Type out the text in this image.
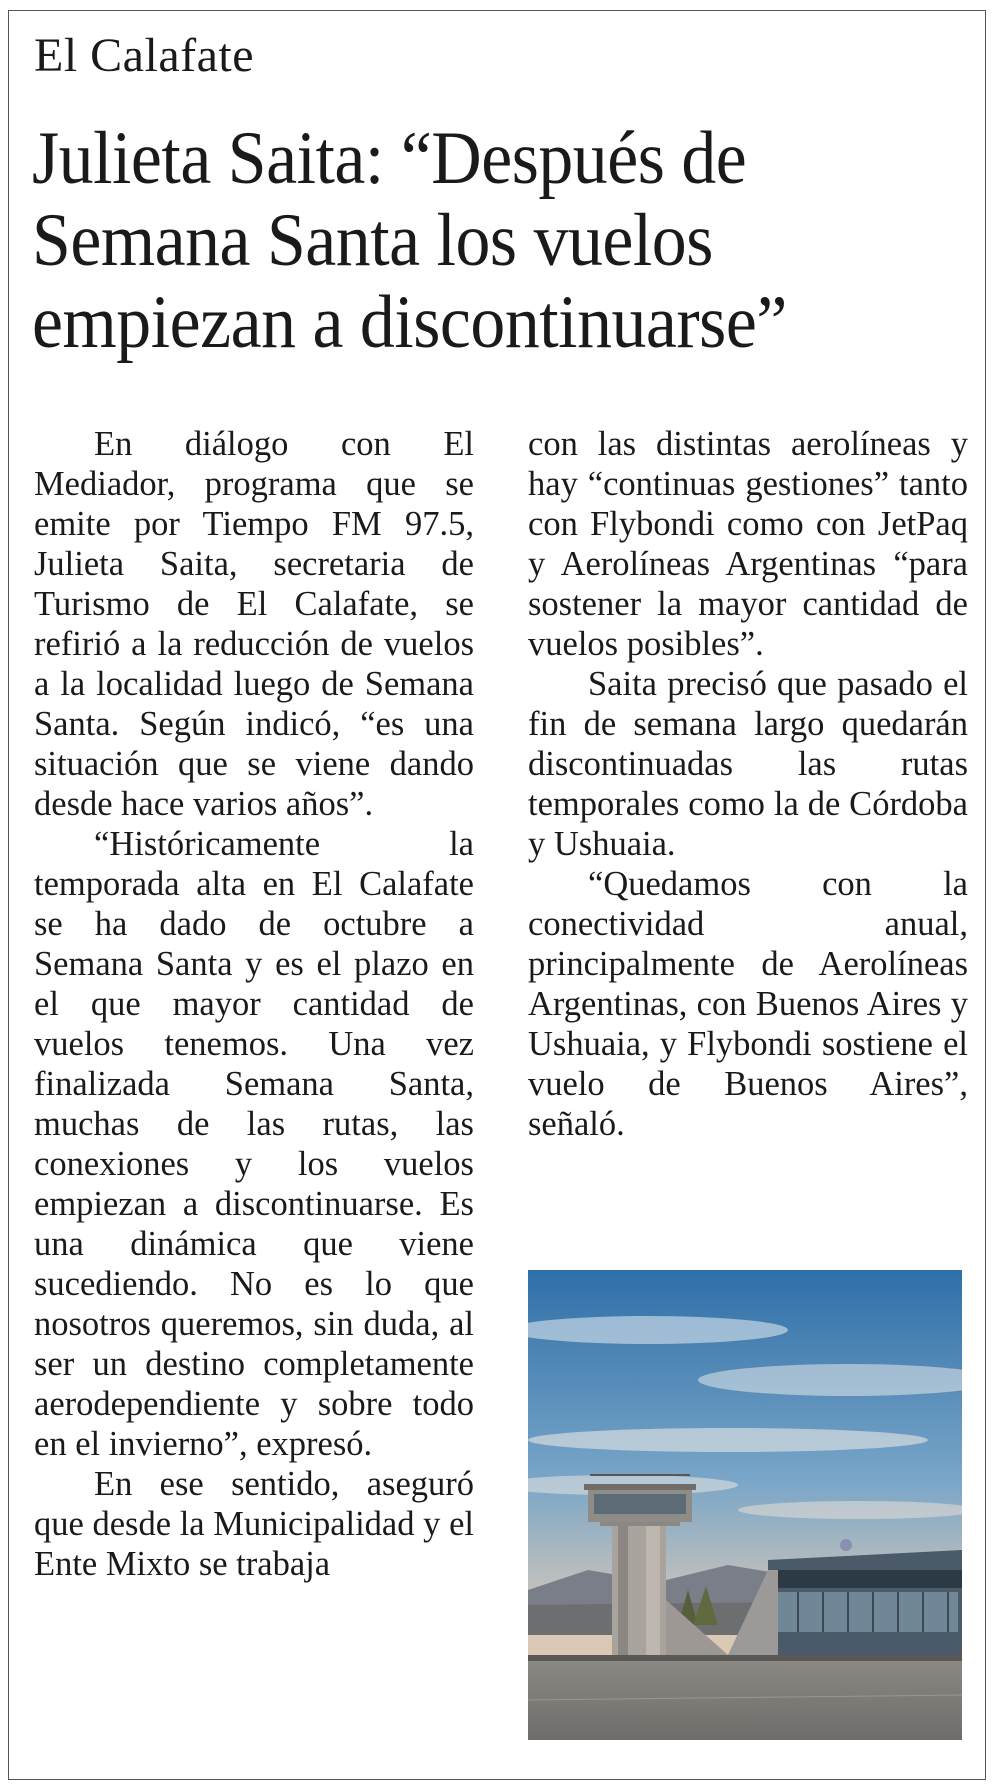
El Calafate
Julieta Saita: “Después de Semana Santa los vuelos empiezan a discontinuarse”

En diálogo con El Mediador, programa que se emite por Tiempo FM 97.5, Julieta Saita, secretaria de Turismo de El Calafate, se refirió a la reducción de vuelos a la localidad luego de Semana Santa. Según indicó, “es una situación que se viene dando desde hace varios años”.

“Históricamente la temporada alta en El Calafate se ha dado de octubre a Semana Santa y es el plazo en el que mayor cantidad de vuelos tenemos. Una vez finalizada Semana Santa, muchas de las rutas, las conexiones y los vuelos empiezan a discontinuarse. Es una dinámica que viene sucediendo. No es lo que nosotros queremos, sin duda, al ser un destino completamente aerodependiente y sobre todo en el invierno”, expresó.

En ese sentido, aseguró que desde la Municipalidad y el Ente Mixto se trabaja

con las distintas aerolíneas y hay “continuas gestiones” tanto con Flybondi como con JetPaq y Aerolíneas Argentinas “para sostener la mayor cantidad de vuelos posibles”.

Saita precisó que pasado el fin de semana largo quedarán discontinuadas las rutas temporales como la de Córdoba y Ushuaia.

“Quedamos con la conectividad anual, principalmente de Aerolíneas Argentinas, con Buenos Aires y Ushuaia, y Flybondi sostiene el vuelo de Buenos Aires”, señaló.
